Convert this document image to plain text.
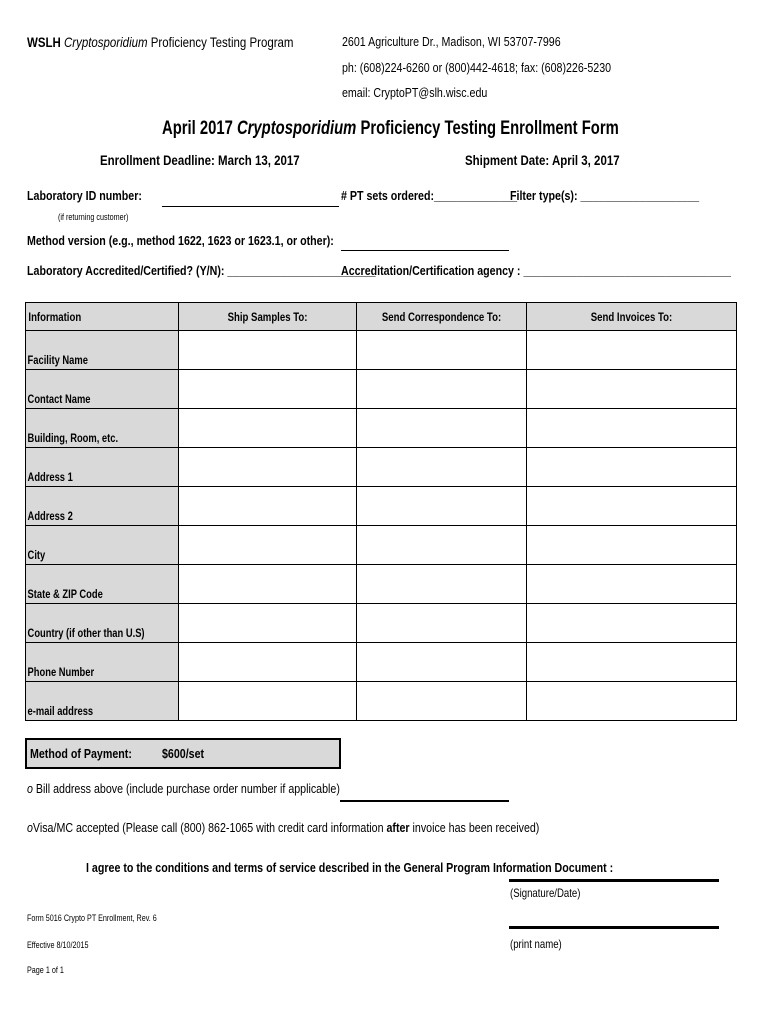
WSLH Cryptosporidium Proficiency Testing Program	2601 Agriculture Dr., Madison, WI 53707-7996
ph: (608)224-6260 or (800)442-4618; fax: (608)226-5230
email: CryptoPT@slh.wisc.edu
April 2017 Cryptosporidium Proficiency Testing Enrollment Form
Enrollment Deadline: March 13, 2017	Shipment Date: April 3, 2017
Laboratory ID number:
(if returning customer)
# PT sets ordered:______________
Filter type(s): ____________________
Method version (e.g., method 1622, 1623 or 1623.1, or other):
Laboratory Accredited/Certified? (Y/N): _________________________
Accreditation/Certification agency : ___________________________________
Information	Ship Samples To:	Send Correspondence To:	Send Invoices To:

Facility Name			
Contact Name			
Building, Room, etc.			
Address 1			
Address 2			
City			
State & ZIP Code			
Country (if other than U.S)			
Phone Number			
e-mail address			
Method of Payment: $600/set
o Bill address above (include purchase order number if applicable)
oVisa/MC accepted (Please call (800) 862-1065 with credit card information after invoice has been received)
I agree to the conditions and terms of service described in the General Program Information Document :
(Signature/Date)
(print name)
Form 5016 Crypto PT Enrollment, Rev. 6
Effective 8/10/2015
Page 1 of 1
